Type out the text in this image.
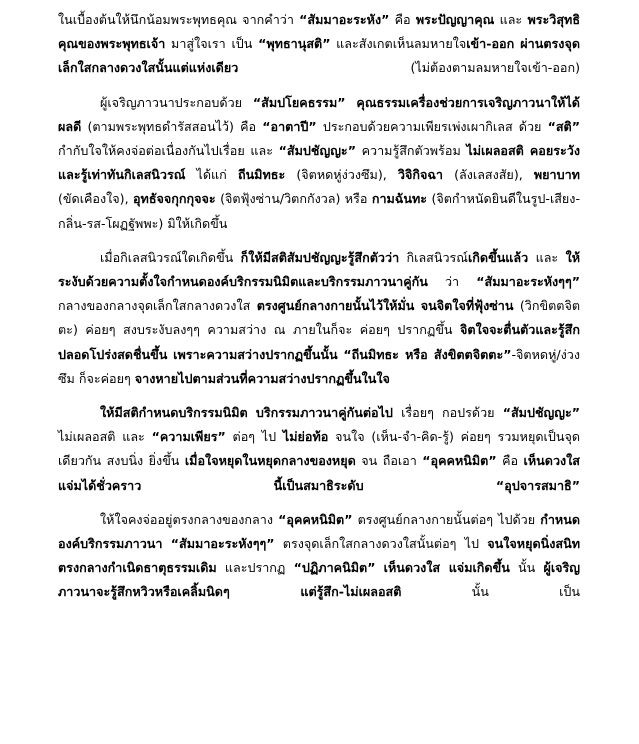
ในเบื้องต้นให้นึกน้อมพระพุทธคุณ จากคำว่า “สัมมาอะระหัง” คือ พระปัญญาคุณ และ พระวิสุทธิคุณของพระพุทธเจ้า มาสู่ใจเรา เป็น “พุทธานุสติ” และสังเกตเห็นลมหายใจเข้า-ออก ผ่านตรงจุดเล็กใสกลางดวงใสนั้นแต่แห่งเดียว (ไม่ต้องตามลมหายใจเข้า-ออก)

ผู้เจริญภาวนาประกอบด้วย “สัมปโยคธรรม” คุณธรรมเครื่องช่วยการเจริญภาวนาให้ได้ผลดี (ตามพระพุทธดำรัสสอนไว้) คือ “อาตาปี” ประกอบด้วยความเพียรเพ่งเผากิเลส ด้วย “สติ” กำกับใจให้คงจ่อต่อเนื่องกันไปเรื่อย และ “สัมปชัญญะ” ความรู้สึกตัวพร้อม ไม่เผลอสติ คอยระวังและรู้เท่าทันกิเลสนิวรณ์ ได้แก่ ถีนมิทธะ (จิตหดหู่ง่วงซึม), วิจิกิจฉา (ลังเลสงสัย), พยาบาท (ขัดเคืองใจ), อุทธัจจกุกกุจจะ (จิตฟุ้งซ่าน/วิตกกังวล) หรือ กามฉันทะ (จิตกำหนัดยินดีในรูป-เสียง-กลิ่น-รส-โผฏฐัพพะ) มิให้เกิดขึ้น

เมื่อกิเลสนิวรณ์ใดเกิดขึ้น ก็ให้มีสติสัมปชัญญะรู้สึกตัวว่า กิเลสนิวรณ์เกิดขึ้นแล้ว และ ให้ระงับด้วยความตั้งใจกำหนดองค์บริกรรมนิมิตและบริกรรมภาวนาคู่กัน ว่า “สัมมาอะระหังๆๆ” กลางของกลางจุดเล็กใสกลางดวงใส ตรงศูนย์กลางกายนั้นไว้ให้มั่น จนจิตใจที่ฟุ้งซ่าน (วิกขิตตจิตตะ) ค่อยๆ สงบระงับลงๆๆ ความสว่าง ณ ภายในก็จะ ค่อยๆ ปรากฏขึ้น จิตใจจะตื่นตัวและรู้สึกปลอดโปร่งสดชื่นขึ้น เพราะความสว่างปรากฏขึ้นนั้น “ถีนมิทธะ หรือ สังขิตตจิตตะ”-จิตหดหู่/ง่วงซึม ก็จะค่อยๆ จางหายไปตามส่วนที่ความสว่างปรากฏขึ้นในใจ

ให้มีสติกำหนดบริกรรมนิมิต บริกรรมภาวนาคู่กันต่อไป เรื่อยๆ กอปรด้วย “สัมปชัญญะ” ไม่เผลอสติ และ “ความเพียร” ต่อๆ ไป ไม่ย่อท้อ จนใจ (เห็น-จำ-คิด-รู้) ค่อยๆ รวมหยุดเป็นจุดเดียวกัน สงบนิ่ง ยิ่งขึ้น เมื่อใจหยุดในหยุดกลางของหยุด จน ถือเอา “อุคคหนิมิต” คือ เห็นดวงใสแจ่มได้ชั่วคราว	นี้เป็นสมาธิระดับ	“อุปจารสมาธิ”

ให้ใจคงจ่ออยู่ตรงกลางของกลาง “อุคคหนิมิต” ตรงศูนย์กลางกายนั้นต่อๆ ไปด้วย กำหนดองค์บริกรรมภาวนา “สัมมาอะระหังๆๆ” ตรงจุดเล็กใสกลางดวงใสนั้นต่อๆ ไป จนใจหยุดนิ่งสนิทตรงกลางกำเนิดธาตุธรรมเดิม และปรากฏ “ปฏิภาคนิมิต” เห็นดวงใส แจ่มเกิดขึ้น นั้น ผู้เจริญภาวนาจะรู้สึกหวิวหรือเคลิ้มนิดๆ แต่รู้สึก-ไม่เผลอสติ นั้น เป็น
